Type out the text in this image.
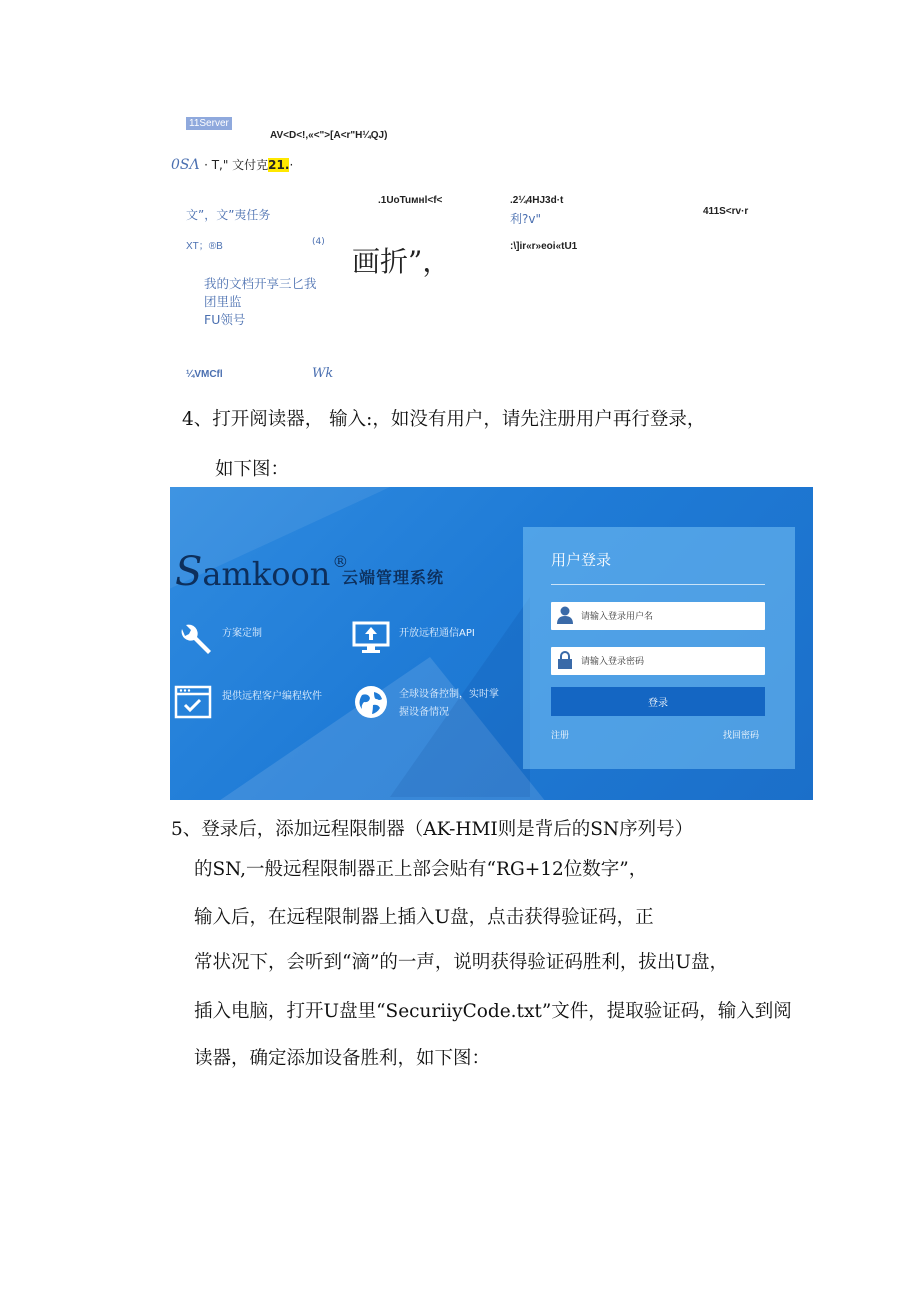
11Server
AV<D<!,«<">[A<r"H¼QJ)
0SΛ · T," 文付克21.·
文”，文”夷任务
XT；®B	(4)
.1UoTuмнl<f<	.2¼4HJ3d·t
利?v"
:\]ir«r»eoi«tU1
411S<rv·r
画折”，
我的文档开享三匕我
团里监
FU领号
¼VMCfl	Wk
4、打开阅读器， 输入:，如没有用户，请先注册用户再行登录，
如下图：
Samkoon ®
云端管理系统
方案定制	开放远程通信API
提供远程客户编程软件	全球设备控制，实时掌
握设备情况
用户登录
请输入登录用户名
登录
注册	找回密码
5、登录后，添加远程限制器（AK-HMI则是背后的SN序列号）
的SN,一般远程限制器正上部会贴有“RG+12位数字”，
输入后，在远程限制器上插入U盘，点击获得验证码，正
常状况下，会听到“滴”的一声，说明获得验证码胜利，拔出U盘，
插入电脑，打开U盘里“SecuriiyCode.txt”文件，提取验证码，输入到阅
读器，确定添加设备胜利，如下图：
